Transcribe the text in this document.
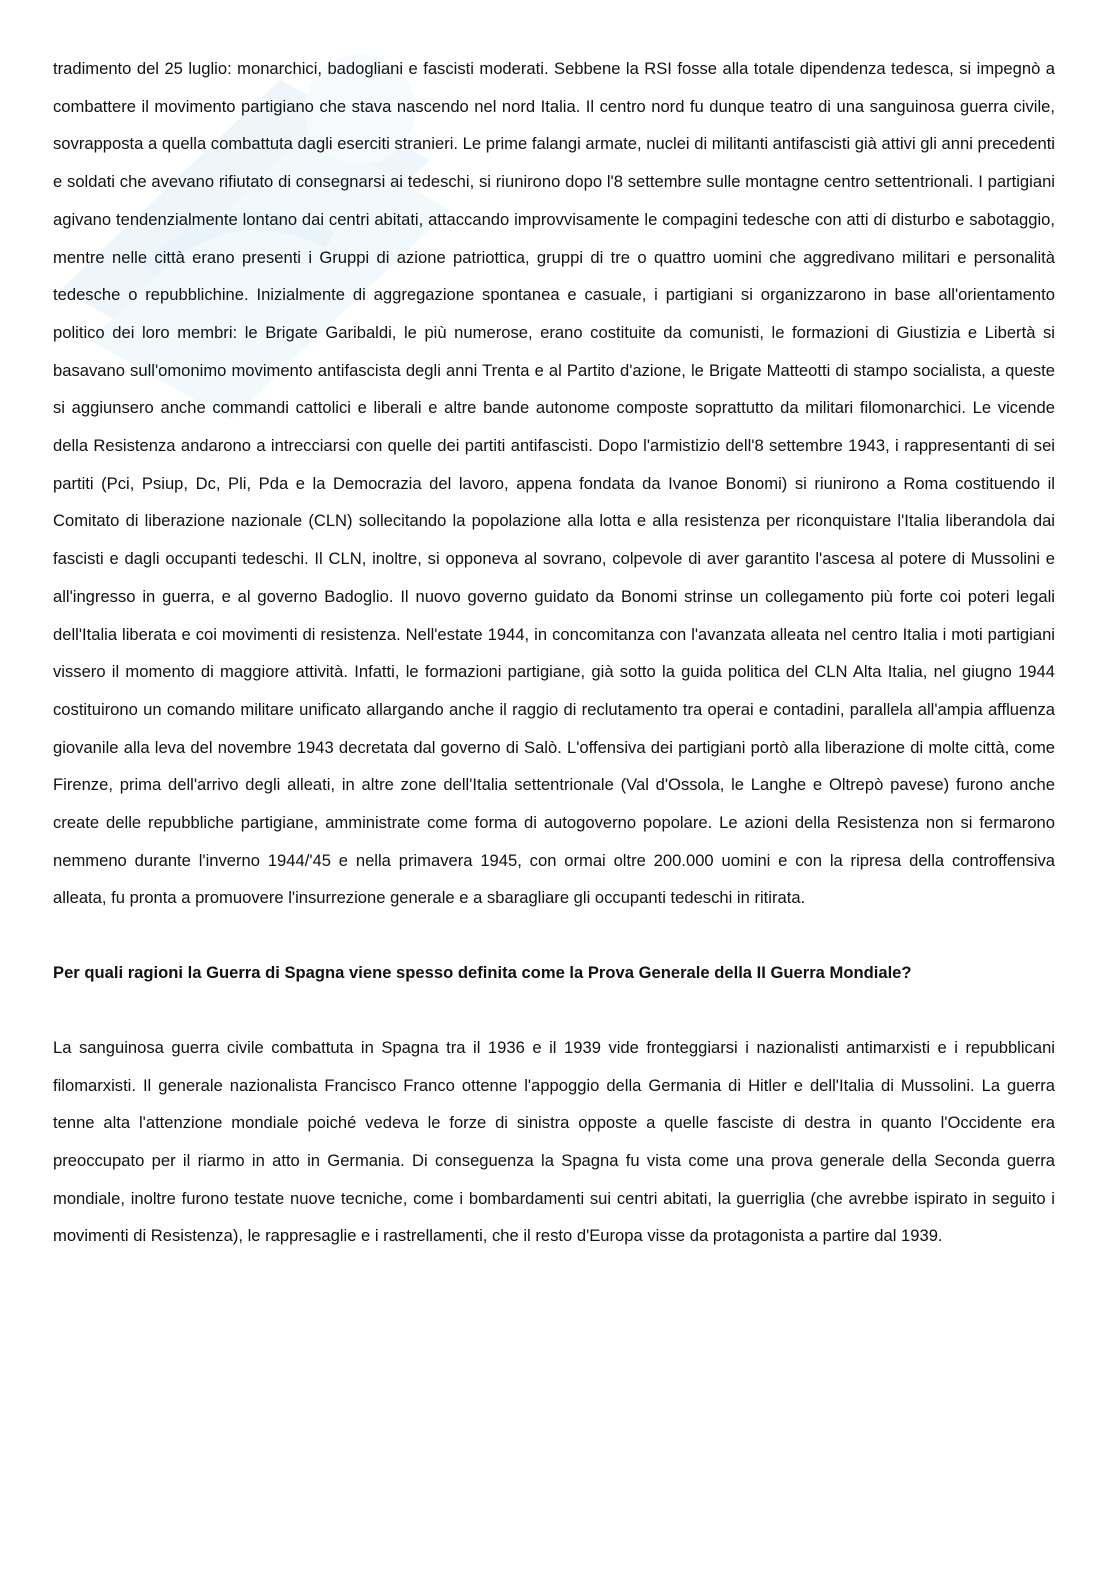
tradimento del 25 luglio: monarchici, badogliani e fascisti moderati. Sebbene la RSI fosse alla totale dipendenza tedesca, si impegnò a combattere il movimento partigiano che stava nascendo nel nord Italia. Il centro nord fu dunque teatro di una sanguinosa guerra civile, sovrapposta a quella combattuta dagli eserciti stranieri. Le prime falangi armate, nuclei di militanti antifascisti già attivi gli anni precedenti e soldati che avevano rifiutato di consegnarsi ai tedeschi, si riunirono dopo l'8 settembre sulle montagne centro settentrionali. I partigiani agivano tendenzialmente lontano dai centri abitati, attaccando improvvisamente le compagini tedesche con atti di disturbo e sabotaggio, mentre nelle città erano presenti i Gruppi di azione patriottica, gruppi di tre o quattro uomini che aggredivano militari e personalità tedesche o repubblichine. Inizialmente di aggregazione spontanea e casuale, i partigiani si organizzarono in base all'orientamento politico dei loro membri: le Brigate Garibaldi, le più numerose, erano costituite da comunisti, le formazioni di Giustizia e Libertà si basavano sull'omonimo movimento antifascista degli anni Trenta e al Partito d'azione, le Brigate Matteotti di stampo socialista, a queste si aggiunsero anche commandi cattolici e liberali e altre bande autonome composte soprattutto da militari filomonarchici. Le vicende della Resistenza andarono a intrecciarsi con quelle dei partiti antifascisti. Dopo l'armistizio dell'8 settembre 1943, i rappresentanti di sei partiti (Pci, Psiup, Dc, Pli, Pda e la Democrazia del lavoro, appena fondata da Ivanoe Bonomi) si riunirono a Roma costituendo il Comitato di liberazione nazionale (CLN) sollecitando la popolazione alla lotta e alla resistenza per riconquistare l'Italia liberandola dai fascisti e dagli occupanti tedeschi. Il CLN, inoltre, si opponeva al sovrano, colpevole di aver garantito l'ascesa al potere di Mussolini e all'ingresso in guerra, e al governo Badoglio. Il nuovo governo guidato da Bonomi strinse un collegamento più forte coi poteri legali dell'Italia liberata e coi movimenti di resistenza. Nell'estate 1944, in concomitanza con l'avanzata alleata nel centro Italia i moti partigiani vissero il momento di maggiore attività. Infatti, le formazioni partigiane, già sotto la guida politica del CLN Alta Italia, nel giugno 1944 costituirono un comando militare unificato allargando anche il raggio di reclutamento tra operai e contadini, parallela all'ampia affluenza giovanile alla leva del novembre 1943 decretata dal governo di Salò. L'offensiva dei partigiani portò alla liberazione di molte città, come Firenze, prima dell'arrivo degli alleati, in altre zone dell'Italia settentrionale (Val d'Ossola, le Langhe e Oltrepò pavese) furono anche create delle repubbliche partigiane, amministrate come forma di autogoverno popolare. Le azioni della Resistenza non si fermarono nemmeno durante l'inverno 1944/'45 e nella primavera 1945, con ormai oltre 200.000 uomini e con la ripresa della controffensiva alleata, fu pronta a promuovere l'insurrezione generale e a sbaragliare gli occupanti tedeschi in ritirata.

Per quali ragioni la Guerra di Spagna viene spesso definita come la Prova Generale della II Guerra Mondiale?

La sanguinosa guerra civile combattuta in Spagna tra il 1936 e il 1939 vide fronteggiarsi i nazionalisti antimarxisti e i repubblicani filomarxisti. Il generale nazionalista Francisco Franco ottenne l'appoggio della Germania di Hitler e dell'Italia di Mussolini. La guerra tenne alta l'attenzione mondiale poiché vedeva le forze di sinistra opposte a quelle fasciste di destra in quanto l'Occidente era preoccupato per il riarmo in atto in Germania. Di conseguenza la Spagna fu vista come una prova generale della Seconda guerra mondiale, inoltre furono testate nuove tecniche, come i bombardamenti sui centri abitati, la guerriglia (che avrebbe ispirato in seguito i movimenti di Resistenza), le rappresaglie e i rastrellamenti, che il resto d'Europa visse da protagonista a partire dal 1939.
